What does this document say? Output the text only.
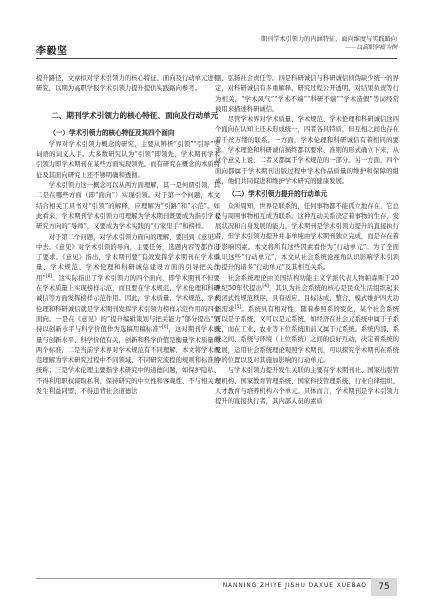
李毅坚
期刊学术引领力的内涵特征、面向维度与实践路向
——以高职学报为例

提升路径，文章拟对学术引领力的核心特征、面向及行动单元进行研究，以期为高职学报学术引领力提升提供实践路向参考。

二、期刊学术引领力的核心特征、面向及行动单元
（一）学术引领力的核心特征及其四个面向

学界对学术引领力概念的研究，主要从辨析“引领”“引导”等词语的词义入手。大多数研究认为“引领”即领先，学术期刊学术引领力即学术期刊在某些方面实现领先。而有研究在概念的本质特征及其面向研究上还不够明确和透彻。

学术引领力这一概念可以从两方面理解，其一是何谓引领，其二是在哪些方面（即“面向”）实现引领。对于第一个问题，本文结合相关工具书对“引领”的解释，应理解为“引路”和“示范”。如此看来，学术期刊学术引领力可理解为学术期刊既要成为指引学术研究方向的“导师”，又要成为学术实践的“行家里手”和榜样。

对于第二个问题，对学术引领力面向的理解，要回到《意见》中去。《意见》对学术引领的导向，主要任务，选题内容等都作出了要求。《意见》指出，学术期刊要“有效发挥学术期刊在学术质量、学术规范、学术伦理和科研诚信建设方面的引导把关作用”[6]。这实际指出了学术引领力的四个面向，即学术期刊不但要在学术质量上实现榜样示范，而且要在学术规范、学术伦理和科研诚信等方面发挥榜样示范作用。因此，学术质量、学术规范、学术伦理和科研诚信就是学术期刊发挥学术引领力榜样示范作用的四个面向。一是在《意见》的“提升编辑策划与把关能力”部分提出“坚持以创新水平与科学价值作为选稿用稿标准”[6]，这对期刊学术质量与创新水平、科学价值有关，创新和科学价值是衡量学术质量的两个标准，二是当前学术界对学术规范有不同理解，本文将学术规范理解为学术研究过程中不同领域、不同研究流程的规则和标准的统称；三是学术伦理主要指学术研究中的道德问题，如保护隐私、不得利用职权谋取私利、保持研究的中立性和客观性、不与相关方发生利益同盟、不得违背社会道德法

则、弘扬社会责任等。四是科研诚信与科研诚信侦伪缺少统一的界定，对科研诚信有多重解释，研究过程公开透明，对结果负责等行为相关，“学术风气”“学术不端”“科研不端”“学术造假”等词经常被用来描述科研诚信。

尽管学术界对学术质量、学术规范、学术伦理和科研诚信这四个面向在认知上还未形成统一，四者各具特质，但互相之间也存在着千丝万缕的联系。一方面，学术伦理和科研诚信有着相同的要求。学术理论和科研诚信损终都以要求、准则的形式确立下来，从这个意义上说，二者又都属于学术规范的一部分。另一方面，四个面向都属于学术期刊出版过程中学术作品质量的维护和保障的组成，他们共同促进和维护学术研究的健康发展。

（二）学术引领力提升的行动单元

众所周知，世界是联系的，任何事物都不能孤立地存在，它总是与周围事物相互成为联系。这种互动关系决定着事物的生存、发展状况和自身发展的能力。学术期刊是学术引领力提升的直接执行者，但学术引领力提升并非单纯由学术期刊独立完成，而是存在着于影响因素。本文将所有这些因素看作为“行动单元”。为了全面认识这些“行动单元”，本文从社会系统论视角认识影响学术引领力提升的诸多“行动单元”及其相互关系。

社会系统理论由美国结构功能主义学派代表人物帕森斯于20世纪50年代提出[4]，其认为社会系统的核心是民众生活组织起来的闭式性规范秩序，具有适应、目标达成、整合、模式维护四大功能需求[5]。系统具有相对性，随着参照系的变化，某个社会系统可以是子系统，又可以是元系统，如经济在社会元系统中属于子系统，而在工业、农业等下位系统面前又属于元系统。系统内部、系统之间、系统与环境（上位系统）之间的良好互动，决定着系统的发展，运用社会系统理论观照学术期刊，可以探究学术期刊在系统中的位置以及对其施加影响的行动单元。

与学术引领力提升发生关联的主要有学术期刊社、国家出版管理机构、国家教育管理系统、国家科技管理系统、行业自律组织、人才教育与培养机构六个单元。具体而言，学术期刊是学术引领力提升的直接执行者，其内部人员的素质

NANNING ZHIYE JISHU DAXUE XUEBAO	75
